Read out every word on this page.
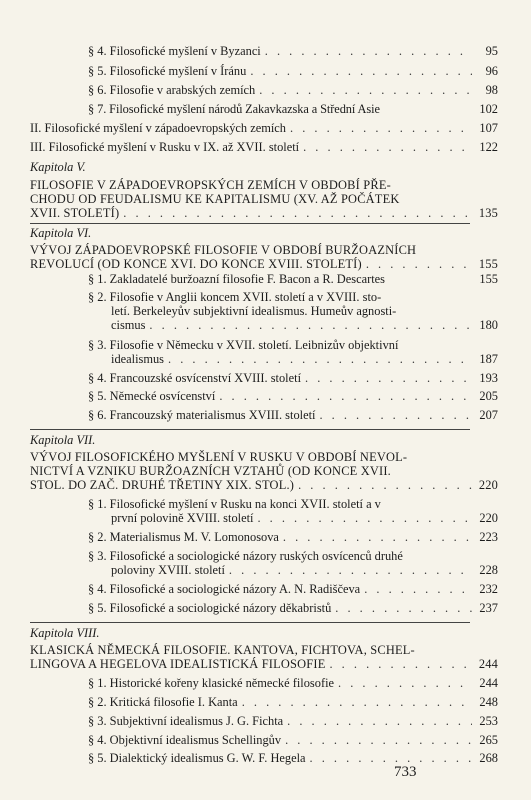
§ 4. Filosofické myšlení v Byzanci . . .	95
§ 5. Filosofické myšlení v Íránu . . .	96
§ 6. Filosofie v arabských zemích . . .	98
§ 7. Filosofické myšlení národů Zakavkazska a Střední Asie	102
II. Filosofické myšlení v západoevropských zemích . . .	107
III. Filosofické myšlení v Rusku v IX. až XVII. století . . .	122
Kapitola V.
FILOSOFIE V ZÁPADOEVROPSKÝCH ZEMÍCH V OBDOBÍ PŘE-
CHODU OD FEUDALISMU KE KAPITALISMU (XV. AŽ POČÁTEK
XVII. STOLETÍ) . . .	135
Kapitola VI.
VÝVOJ ZÁPADOEVROPSKÉ FILOSOFIE V OBDOBÍ BURŽOAZNÍCH
REVOLUCÍ (OD KONCE XVI. DO KONCE XVIII. STOLETÍ) . . .	155
§ 1. Zakladatelé buržoazní filosofie F. Bacon a R. Descartes	155
§ 2. Filosofie v Anglii koncem XVII. století a v XVIII. sto-
letí. Berkeleyův subjektivní idealismus. Humeův agnosti-
cismus . . .	180
§ 3. Filosofie v Německu v XVII. století. Leibnizův objektivní
idealismus . . .	187
§ 4. Francouzské osvícenství XVIII. století . . .	193
§ 5. Německé osvícenství . . .	205
§ 6. Francouzský materialismus XVIII. století . . .	207
Kapitola VII.
VÝVOJ FILOSOFICKÉHO MYŠLENÍ V RUSKU V OBDOBÍ NEVOL-
NICTVÍ A VZNIKU BURŽOAZNÍCH VZTAHŮ (OD KONCE XVII.
STOL. DO ZAČ. DRUHÉ TŘETINY XIX. STOL.) . . .	220
§ 1. Filosofické myšlení v Rusku na konci XVII. století a v
první polovině XVIII. století . . .	220
§ 2. Materialismus M. V. Lomonosova . . .	223
§ 3. Filosofické a sociologické názory ruských osvícenců druhé
poloviny XVIII. století . . .	228
§ 4. Filosofické a sociologické názory A. N. Radiščeva . . .	232
§ 5. Filosofické a sociologické názory děkabristů . . .	237
Kapitola VIII.
KLASICKÁ NĚMECKÁ FILOSOFIE. KANTOVA, FICHTOVA, SCHEL-
LINGOVA A HEGELOVA IDEALISTICKÁ FILOSOFIE . . .	244
§ 1. Historické kořeny klasické německé filosofie . . .	244
§ 2. Kritická filosofie I. Kanta . . .	248
§ 3. Subjektivní idealismus J. G. Fichta . . .	253
§ 4. Objektivní idealismus Schellingův . . .	265
§ 5. Dialektický idealismus G. W. F. Hegela . . .	268
733
